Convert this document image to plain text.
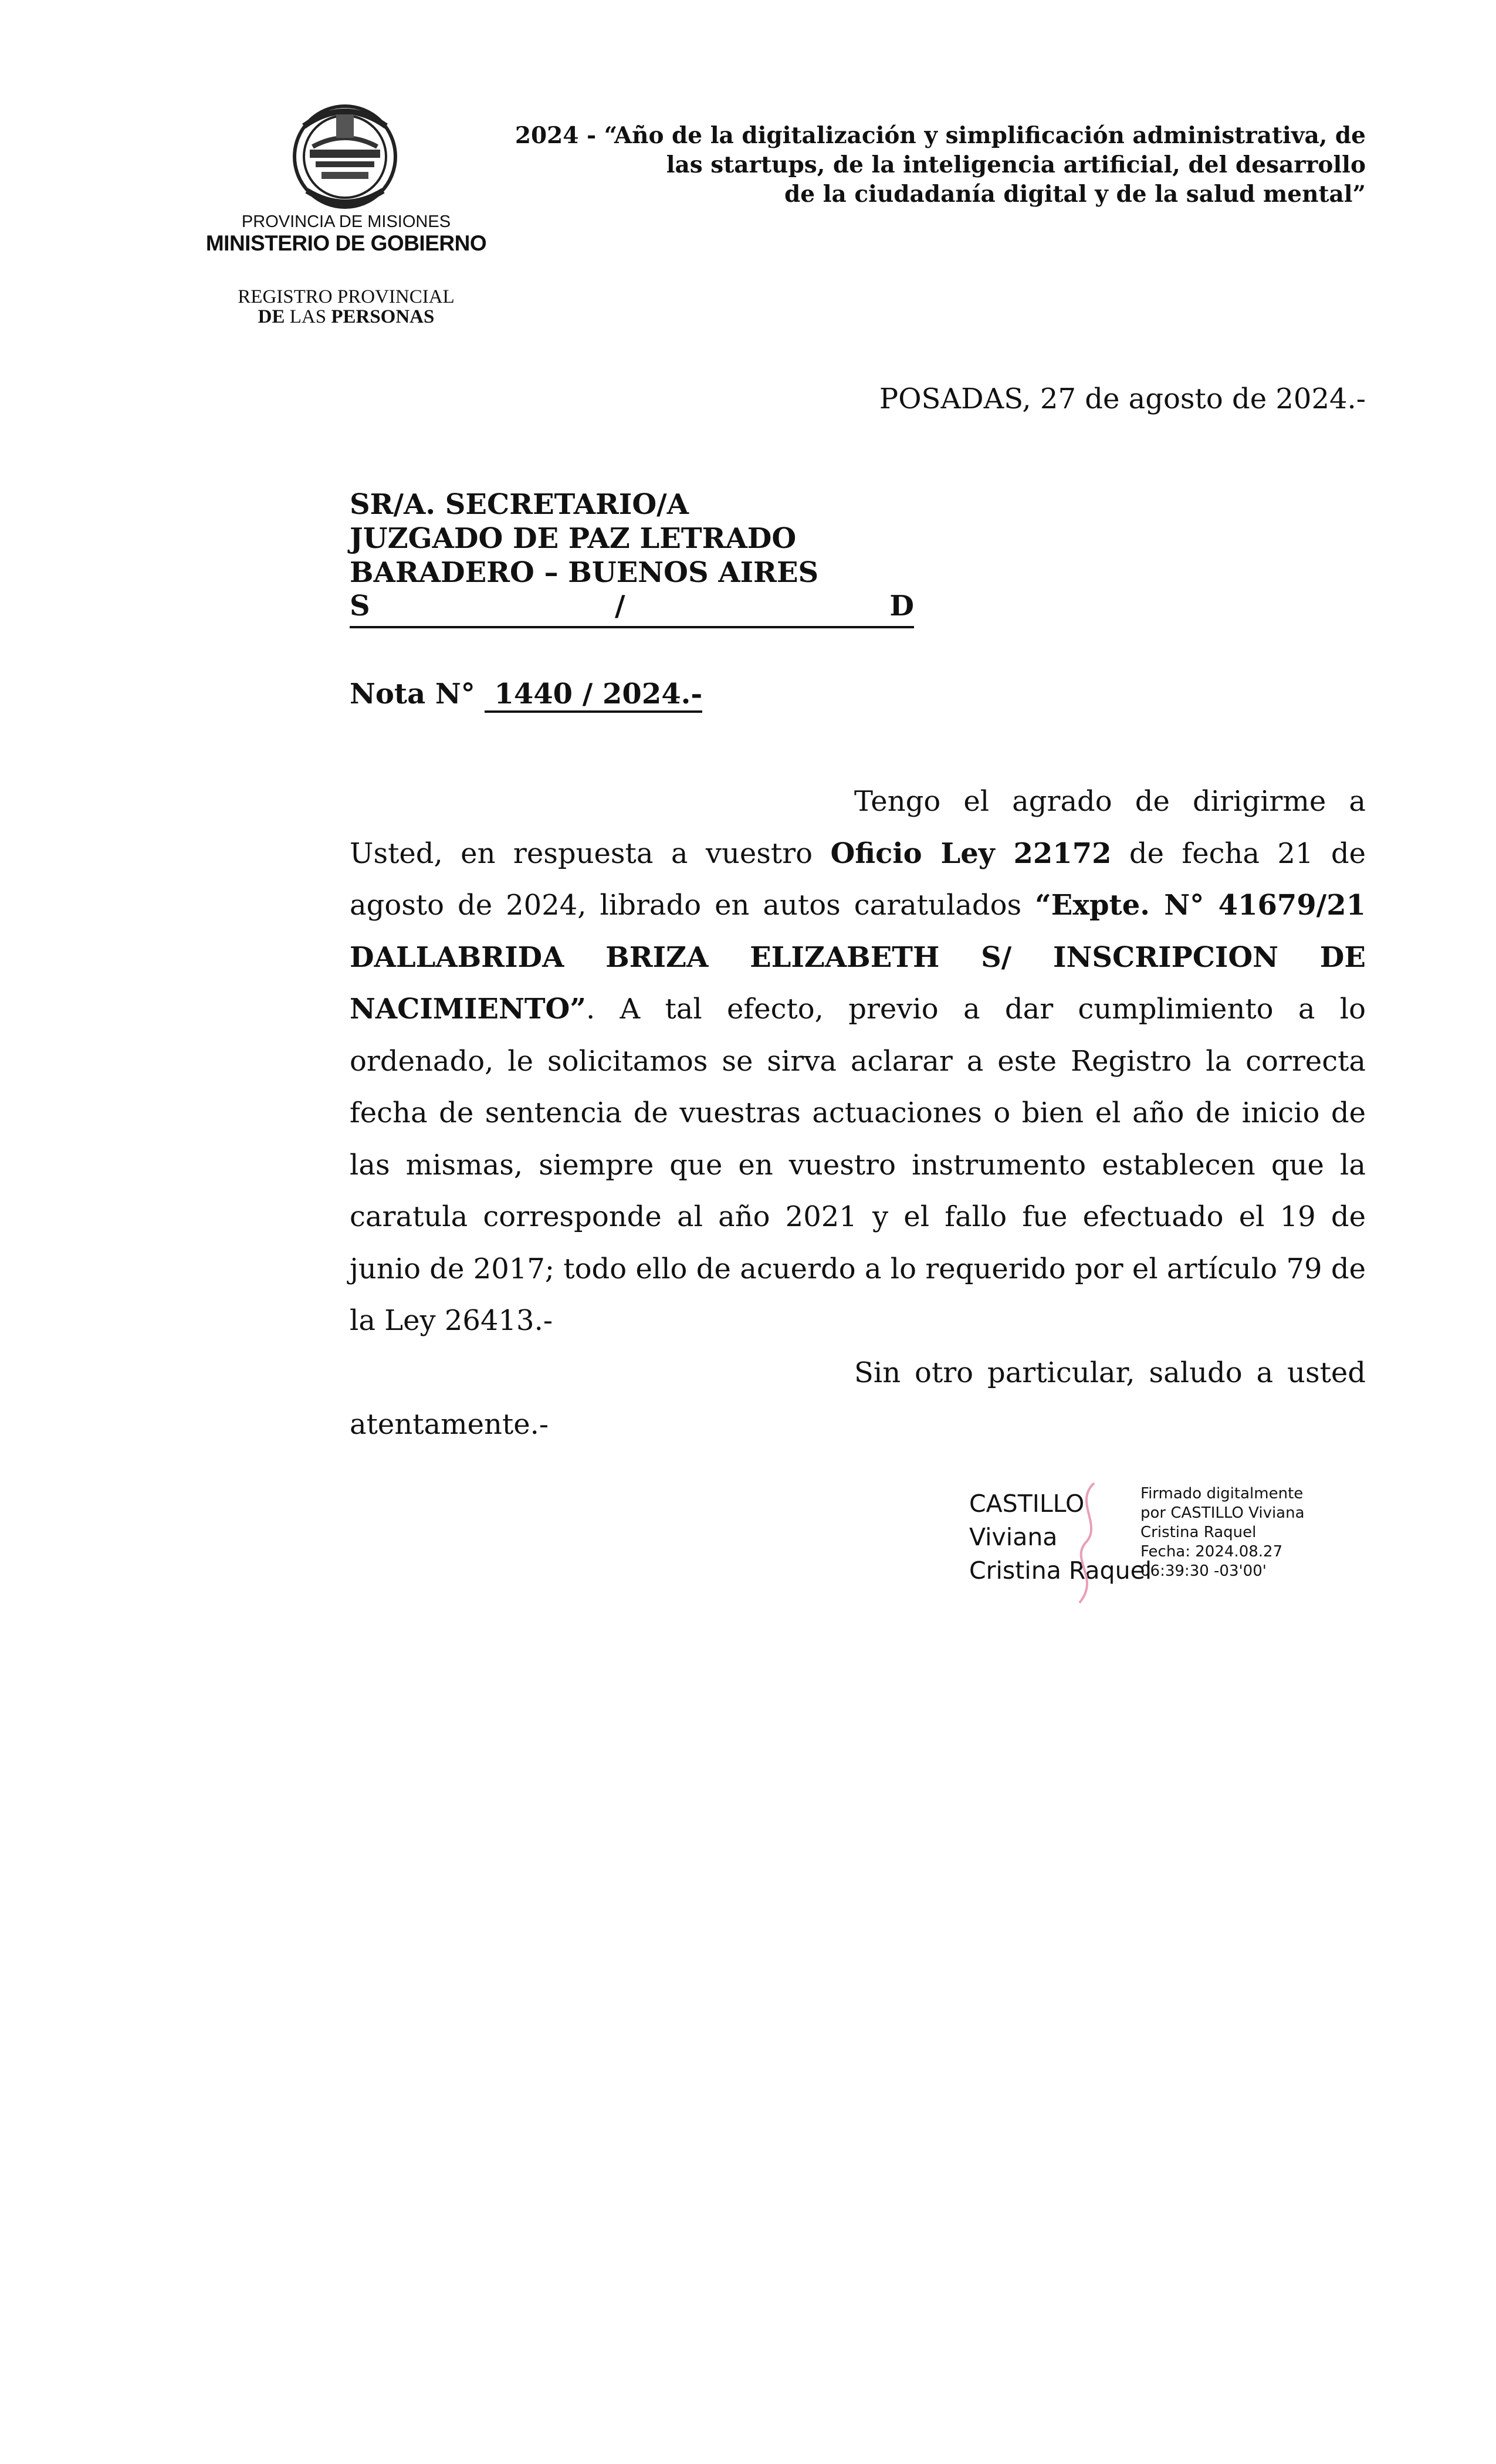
PROVINCIA DE MISIONES
MINISTERIO DE GOBIERNO
REGISTRO PROVINCIAL
DE LAS PERSONAS
2024 - “Año de la digitalización y simplificación administrativa, de
las startups, de la inteligencia artificial, del desarrollo
de la ciudadanía digital y de la salud mental”
POSADAS, 27 de agosto de 2024.-
SR/A. SECRETARIO/A
JUZGADO DE PAZ LETRADO
BARADERO – BUENOS AIRES
S	/	D
Nota N° 1440 / 2024.-

Tengo el agrado de dirigirme a Usted, en respuesta a vuestro Oficio Ley 22172 de fecha 21 de agosto de 2024, librado en autos caratulados “Expte. N° 41679/21 DALLABRIDA BRIZA ELIZABETH S/ INSCRIPCION DE NACIMIENTO”. A tal efecto, previo a dar cumplimiento a lo ordenado, le solicitamos se sirva aclarar a este Registro la correcta fecha de sentencia de vuestras actuaciones o bien el año de inicio de las mismas, siempre que en vuestro instrumento establecen que la caratula corresponde al año 2021 y el fallo fue efectuado el 19 de junio de 2017; todo ello de acuerdo a lo requerido por el artículo 79 de la Ley 26413.-

Sin otro particular, saludo a usted atentamente.-

CASTILLO
Viviana
Cristina Raquel
Firmado digitalmente
por CASTILLO Viviana
Cristina Raquel
Fecha: 2024.08.27
06:39:30 -03'00'
